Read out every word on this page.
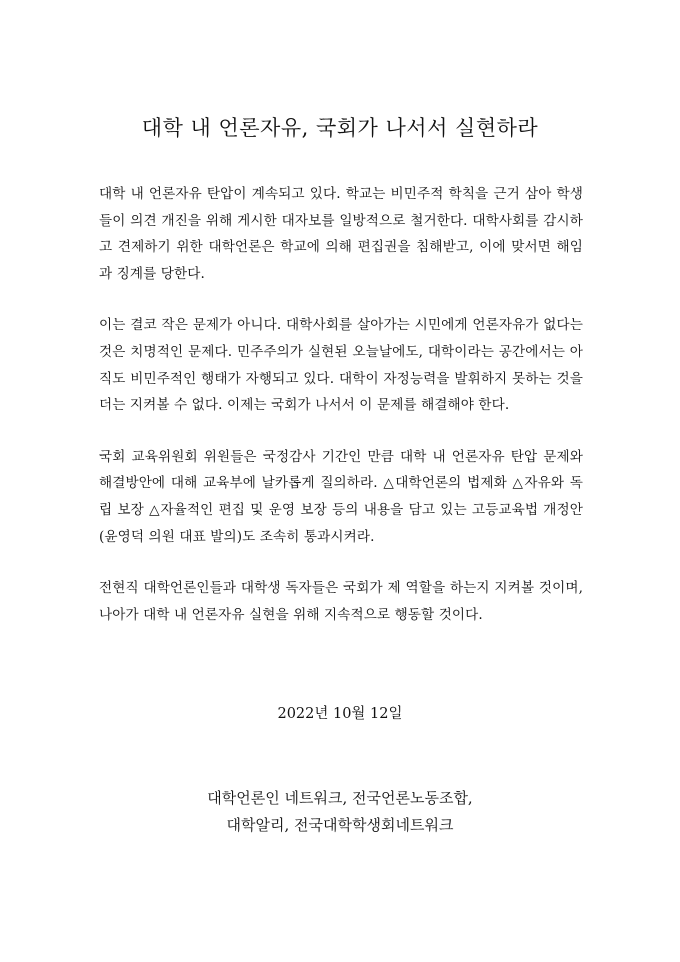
대학 내 언론자유, 국회가 나서서 실현하라

대학 내 언론자유 탄압이 계속되고 있다. 학교는 비민주적 학칙을 근거 삼아 학생들이 의견 개진을 위해 게시한 대자보를 일방적으로 철거한다. 대학사회를 감시하고 견제하기 위한 대학언론은 학교에 의해 편집권을 침해받고, 이에 맞서면 해임과 징계를 당한다.

이는 결코 작은 문제가 아니다. 대학사회를 살아가는 시민에게 언론자유가 없다는 것은 치명적인 문제다. 민주주의가 실현된 오늘날에도, 대학이라는 공간에서는 아직도 비민주적인 행태가 자행되고 있다. 대학이 자정능력을 발휘하지 못하는 것을 더는 지켜볼 수 없다. 이제는 국회가 나서서 이 문제를 해결해야 한다.

국회 교육위원회 위원들은 국정감사 기간인 만큼 대학 내 언론자유 탄압 문제와 해결방안에 대해 교육부에 날카롭게 질의하라. △대학언론의 법제화 △자유와 독립 보장 △자율적인 편집 및 운영 보장 등의 내용을 담고 있는 고등교육법 개정안(윤영덕 의원 대표 발의)도 조속히 통과시켜라.

전현직 대학언론인들과 대학생 독자들은 국회가 제 역할을 하는지 지켜볼 것이며, 나아가 대학 내 언론자유 실현을 위해 지속적으로 행동할 것이다.

2022년 10월 12일
대학언론인 네트워크, 전국언론노동조합,
대학알리, 전국대학학생회네트워크
